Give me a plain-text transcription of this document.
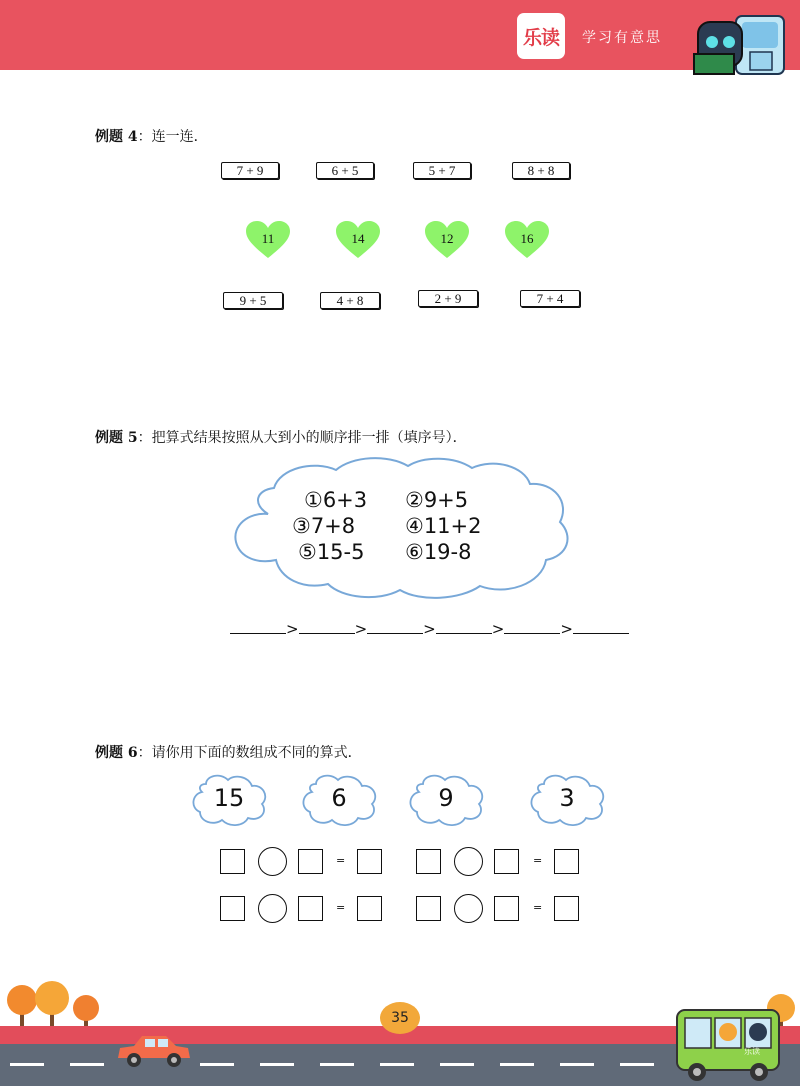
乐读	学习有意思
例题 4：连一连．
7 + 9	6 + 5	5 + 7	8 + 8
11	14	12	16
9 + 5	4 + 8	2 + 9	7 + 4
例题 5：把算式结果按照从大到小的顺序排一排（填序号）．
①6+3 ②9+5
③7+8 ④11+2
⑤15-5 ⑥19-8
>	>	>	>	>
例题 6：请你用下面的数组成不同的算式．
15	6	9	3
=	=
=	=
35
乐读
